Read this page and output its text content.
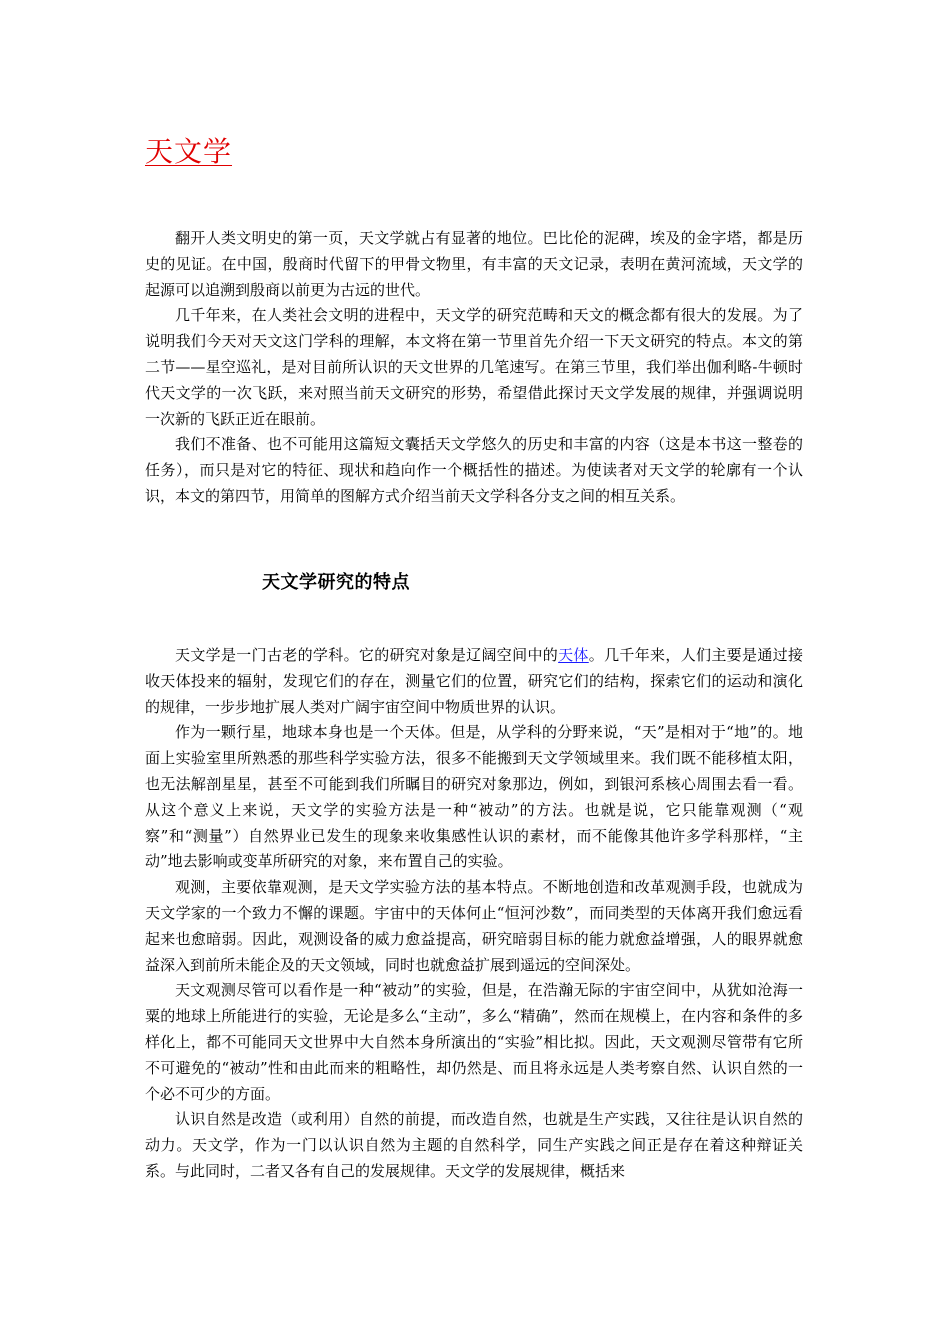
天文学

翻开人类文明史的第一页，天文学就占有显著的地位。巴比伦的泥碑，埃及的金字塔，都是历史的见证。在中国，殷商时代留下的甲骨文物里，有丰富的天文记录，表明在黄河流域，天文学的起源可以追溯到殷商以前更为古远的世代。

几千年来，在人类社会文明的进程中，天文学的研究范畴和天文的概念都有很大的发展。为了说明我们今天对天文这门学科的理解，本文将在第一节里首先介绍一下天文研究的特点。本文的第二节——星空巡礼，是对目前所认识的天文世界的几笔速写。在第三节里，我们举出伽利略-牛顿时代天文学的一次飞跃，来对照当前天文研究的形势，希望借此探讨天文学发展的规律，并强调说明一次新的飞跃正近在眼前。

我们不准备、也不可能用这篇短文囊括天文学悠久的历史和丰富的内容（这是本书这一整卷的任务），而只是对它的特征、现状和趋向作一个概括性的描述。为使读者对天文学的轮廓有一个认识，本文的第四节，用简单的图解方式介绍当前天文学科各分支之间的相互关系。

天文学研究的特点

天文学是一门古老的学科。它的研究对象是辽阔空间中的天体。几千年来，人们主要是通过接收天体投来的辐射，发现它们的存在，测量它们的位置，研究它们的结构，探索它们的运动和演化的规律，一步步地扩展人类对广阔宇宙空间中物质世界的认识。

作为一颗行星，地球本身也是一个天体。但是，从学科的分野来说，“天”是相对于“地”的。地面上实验室里所熟悉的那些科学实验方法，很多不能搬到天文学领域里来。我们既不能移植太阳，也无法解剖星星，甚至不可能到我们所瞩目的研究对象那边，例如，到银河系核心周围去看一看。从这个意义上来说，天文学的实验方法是一种“被动”的方法。也就是说，它只能靠观测（“观察”和“测量”）自然界业已发生的现象来收集感性认识的素材，而不能像其他许多学科那样，“主动”地去影响或变革所研究的对象，来布置自己的实验。

观测，主要依靠观测，是天文学实验方法的基本特点。不断地创造和改革观测手段，也就成为天文学家的一个致力不懈的课题。宇宙中的天体何止“恒河沙数”，而同类型的天体离开我们愈远看起来也愈暗弱。因此，观测设备的威力愈益提高，研究暗弱目标的能力就愈益增强，人的眼界就愈益深入到前所未能企及的天文领域，同时也就愈益扩展到遥远的空间深处。

天文观测尽管可以看作是一种“被动”的实验，但是，在浩瀚无际的宇宙空间中，从犹如沧海一粟的地球上所能进行的实验，无论是多么“主动”，多么“精确”，然而在规模上，在内容和条件的多样化上，都不可能同天文世界中大自然本身所演出的“实验”相比拟。因此，天文观测尽管带有它所不可避免的“被动”性和由此而来的粗略性，却仍然是、而且将永远是人类考察自然、认识自然的一个必不可少的方面。

认识自然是改造（或利用）自然的前提，而改造自然，也就是生产实践，又往往是认识自然的动力。天文学，作为一门以认识自然为主题的自然科学，同生产实践之间正是存在着这种辩证关系。与此同时，二者又各有自己的发展规律。天文学的发展规律，概括来
